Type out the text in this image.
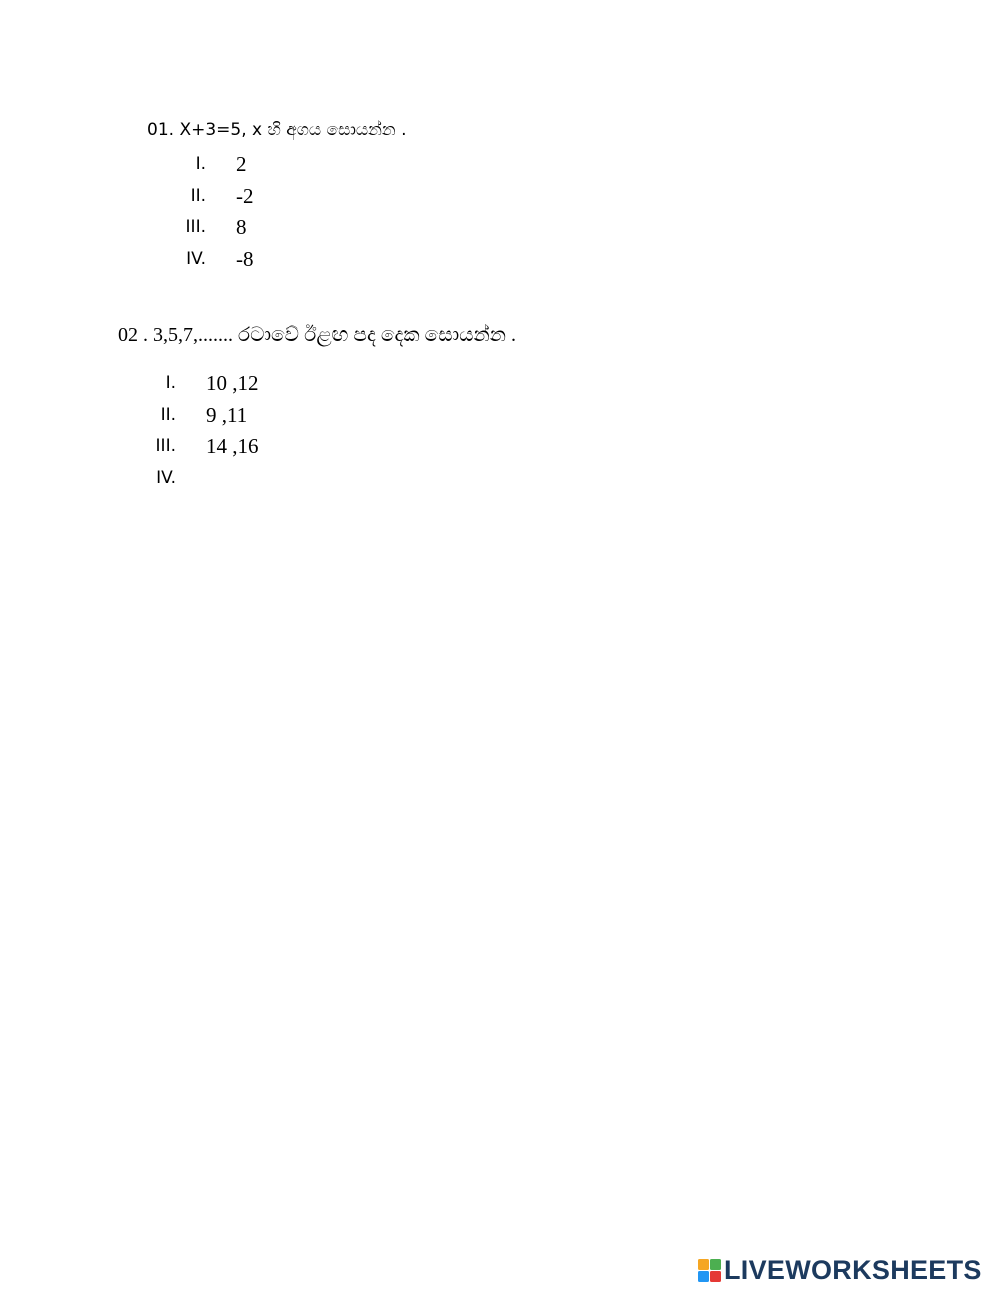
01. X+3=5, x හි අගය සොයන්න .
I. 2
II. -2
III. 8
IV. -8
02 . 3,5,7,....... රටාවේ ඊළඟ පද දෙක සොයන්න .
I. 10 ,12
II. 9 ,11
III. 14 ,16
IV.
LIVEWORKSHEETS
